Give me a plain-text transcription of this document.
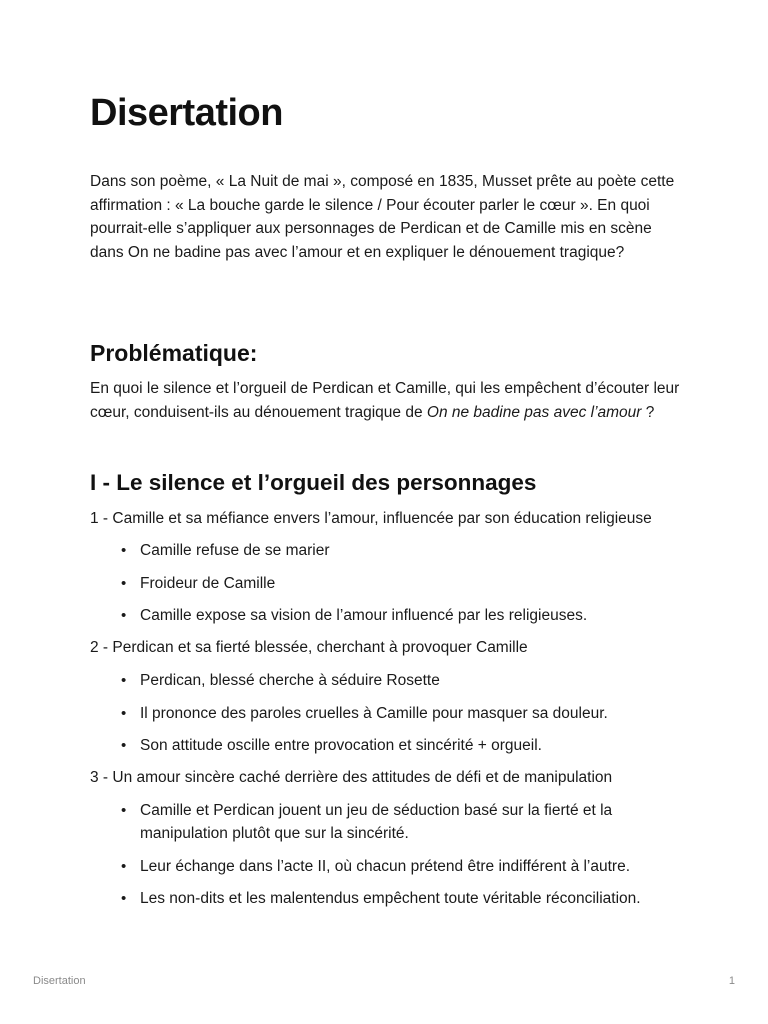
Disertation

Dans son poème, « La Nuit de mai », composé en 1835, Musset prête au poète cette affirmation : « La bouche garde le silence / Pour écouter parler le cœur ». En quoi pourrait-elle s’appliquer aux personnages de Perdican et de Camille mis en scène dans On ne badine pas avec l’amour et en expliquer le dénouement tragique?

Problématique:

En quoi le silence et l’orgueil de Perdican et Camille, qui les empêchent d’écouter leur cœur, conduisent-ils au dénouement tragique de On ne badine pas avec l’amour ?

I - Le silence et l’orgueil des personnages

1 - Camille et sa méfiance envers l’amour, influencée par son éducation religieuse

• Camille refuse de se marier
• Froideur de Camille
• Camille expose sa vision de l’amour influencé par les religieuses.

2 - Perdican et sa fierté blessée, cherchant à provoquer Camille

• Perdican, blessé cherche à séduire Rosette
• Il prononce des paroles cruelles à Camille pour masquer sa douleur.
• Son attitude oscille entre provocation et sincérité + orgueil.

3 - Un amour sincère caché derrière des attitudes de défi et de manipulation

• Camille et Perdican jouent un jeu de séduction basé sur la fierté et la manipulation plutôt que sur la sincérité.
• Leur échange dans l’acte II, où chacun prétend être indifférent à l’autre.
• Les non-dits et les malentendus empêchent toute véritable réconciliation.
Disertation	1
